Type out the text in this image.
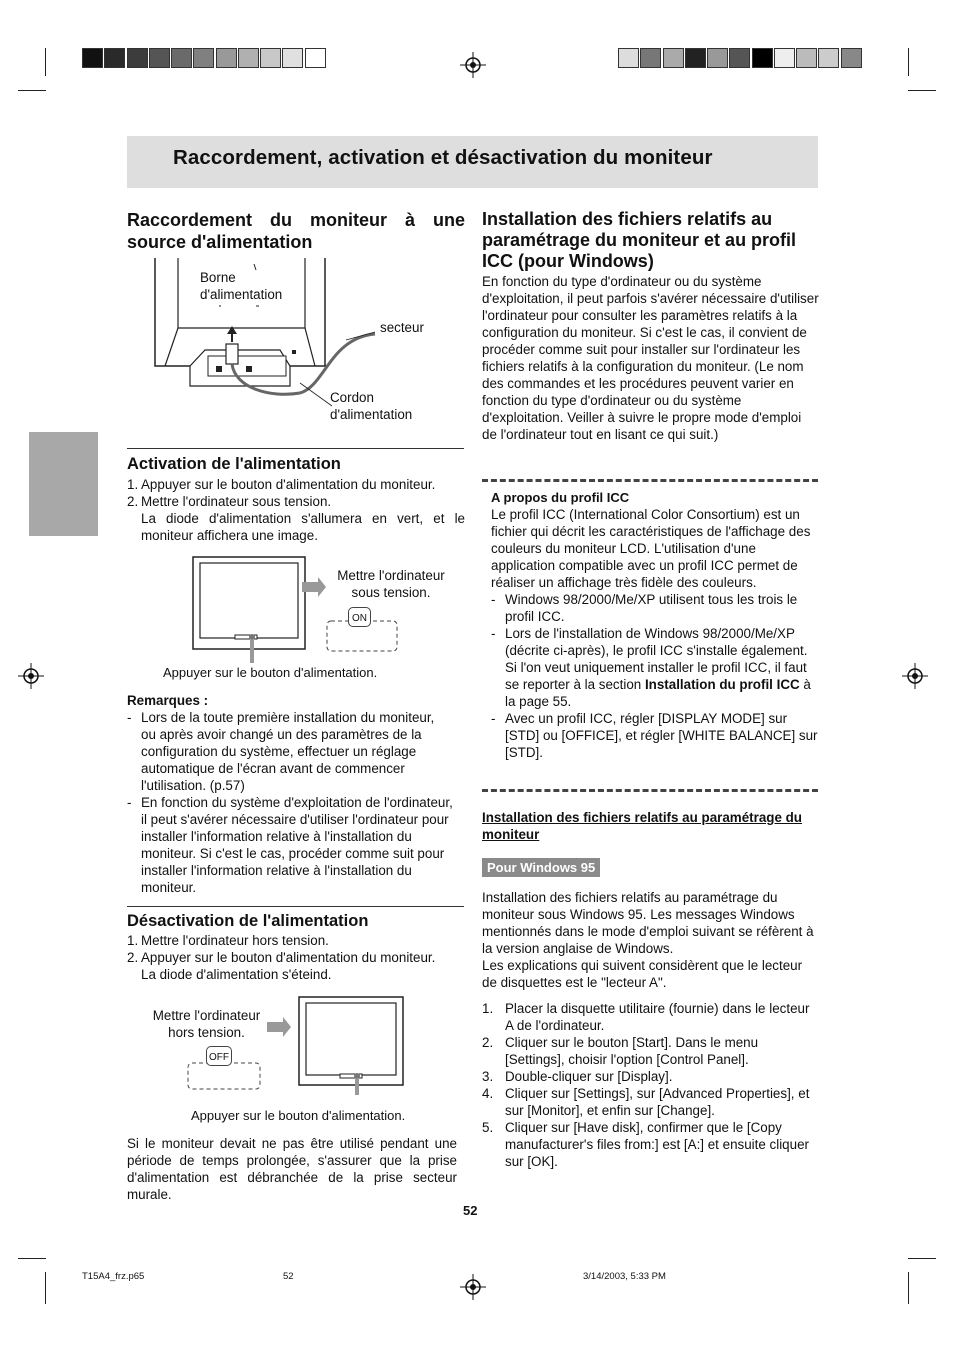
Raccordement, activation et désactivation du moniteur

Raccordement du moniteur à une source d'alimentation

Borne
d'alimentation
secteur
Cordon
d'alimentation

Activation de l'alimentation

1. Appuyer sur le bouton d'alimentation du moniteur.
2. Mettre l'ordinateur sous tension.
La diode d'alimentation s'allumera en vert, et le moniteur affichera une image.
Mettre l'ordinateur
sous tension.
ON
Appuyer sur le bouton d'alimentation.
Remarques :
- Lors de la toute première installation du moniteur, ou après avoir changé un des paramètres de la configuration du système, effectuer un réglage automatique de l'écran avant de commencer l'utilisation. (p.57)
- En fonction du système d'exploitation de l'ordinateur, il peut s'avérer nécessaire d'utiliser l'ordinateur pour installer l'information relative à l'installation du moniteur. Si c'est le cas, procéder comme suit pour installer l'information relative à l'installation du moniteur.

Désactivation de l'alimentation

1. Mettre l'ordinateur hors tension.
2. Appuyer sur le bouton d'alimentation du moniteur.
La diode d'alimentation s'éteind.
Mettre l'ordinateur
hors tension.
OFF
Appuyer sur le bouton d'alimentation.
Si le moniteur devait ne pas être utilisé pendant une période de temps prolongée, s'assurer que la prise d'alimentation est débranchée de la prise secteur murale.

Installation des fichiers relatifs au paramétrage du moniteur et au profil ICC (pour Windows)

En fonction du type d'ordinateur ou du système d'exploitation, il peut parfois s'avérer nécessaire d'utiliser l'ordinateur pour consulter les paramètres relatifs à la configuration du moniteur. Si c'est le cas, il convient de procéder comme suit pour installer sur l'ordinateur les fichiers relatifs à la configuration du moniteur. (Le nom des commandes et les procédures peuvent varier en fonction du type d'ordinateur ou du système d'exploitation. Veiller à suivre le propre mode d'emploi de l'ordinateur tout en lisant ce qui suit.)
A propos du profil ICC
Le profil ICC (International Color Consortium) est un fichier qui décrit les caractéristiques de l'affichage des couleurs du moniteur LCD. L'utilisation d'une application compatible avec un profil ICC permet de réaliser un affichage très fidèle des couleurs.
- Windows 98/2000/Me/XP utilisent tous les trois le profil ICC.
- Lors de l'installation de Windows 98/2000/Me/XP (décrite ci-après), le profil ICC s'installe également. Si l'on veut uniquement installer le profil ICC, il faut se reporter à la section Installation du profil ICC à la page 55.
- Avec un profil ICC, régler [DISPLAY MODE] sur [STD] ou [OFFICE], et régler [WHITE BALANCE] sur [STD].
Installation des fichiers relatifs au paramétrage du moniteur
Pour Windows 95
Installation des fichiers relatifs au paramétrage du moniteur sous Windows 95. Les messages Windows mentionnés dans le mode d'emploi suivant se réfèrent à la version anglaise de Windows.
Les explications qui suivent considèrent que le lecteur de disquettes est le "lecteur A".
1. Placer la disquette utilitaire (fournie) dans le lecteur A de l'ordinateur.
2. Cliquer sur le bouton [Start]. Dans le menu [Settings], choisir l'option [Control Panel].
3. Double-cliquer sur [Display].
4. Cliquer sur [Settings], sur [Advanced Properties], et sur [Monitor], et enfin sur [Change].
5. Cliquer sur [Have disk], confirmer que le [Copy manufacturer's files from:] est [A:] et ensuite cliquer sur [OK].
52
T15A4_frz.p65	52	3/14/2003, 5:33 PM
